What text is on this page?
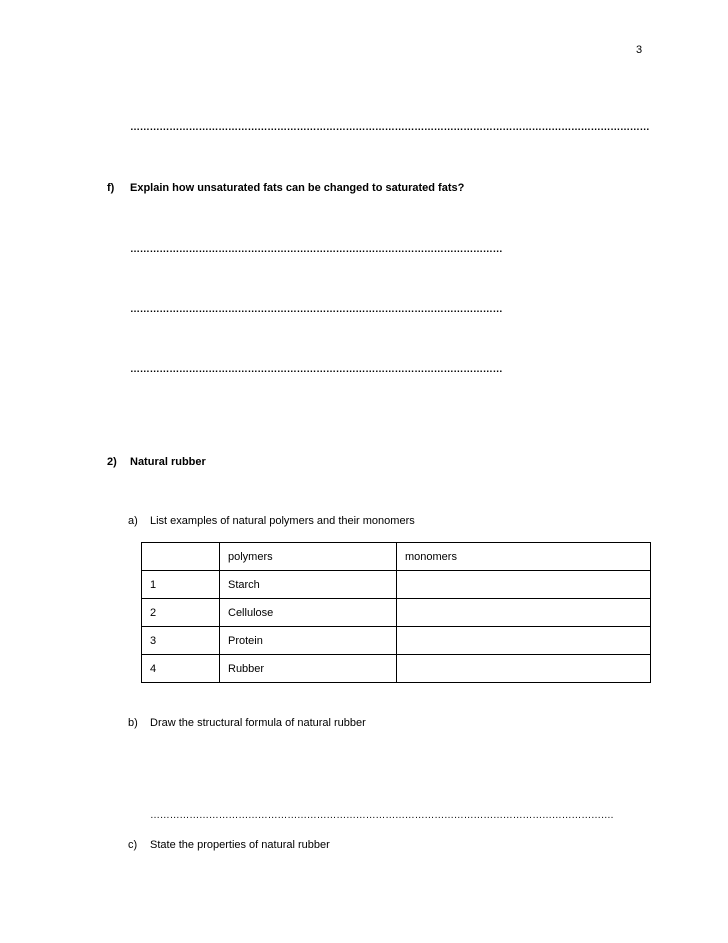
3
……………………………………………………………………………………………………………………………………………
f) Explain how unsaturated fats can be changed to saturated fats?
……………………………………………………………………………………………………
……………………………………………………………………………………………………
……………………………………………………………………………………………………
2) Natural rubber
a) List examples of natural polymers and their monomers
	polymers	monomers
1	Starch	
2	Cellulose	
3	Protein	
4	Rubber	
b) Draw the structural formula of natural rubber
…………………………………………………………………………………………………………………………….
c) State the properties of natural rubber
